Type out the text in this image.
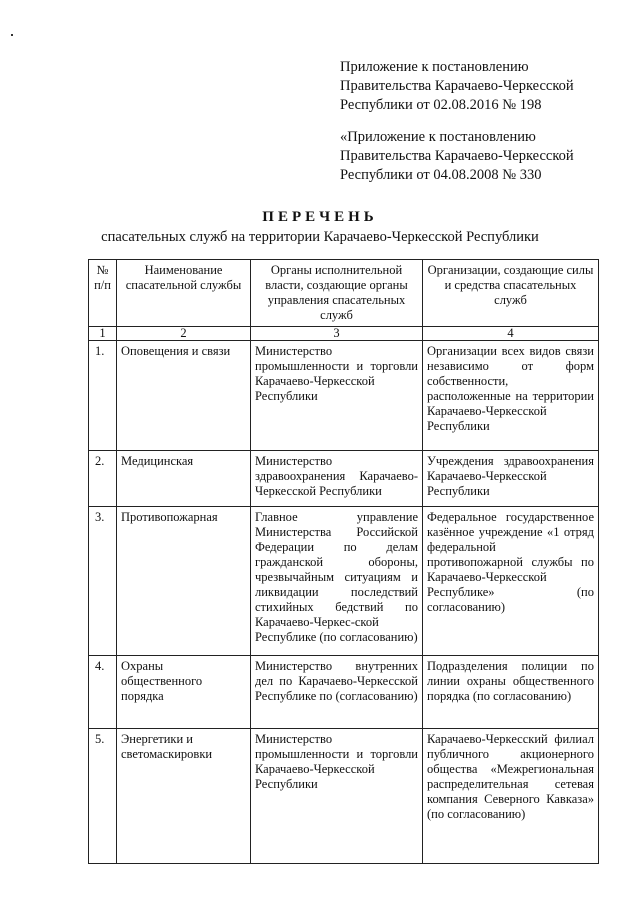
Приложение к постановлению
Правительства Карачаево-Черкесской
Республики от 02.08.2016 № 198
«Приложение к постановлению
Правительства Карачаево-Черкесской
Республики от 04.08.2008 № 330
ПЕРЕЧЕНЬ
спасательных служб на территории Карачаево-Черкесской Республики
№ п/п	Наименование спасательной службы	Органы исполнительной власти, создающие органы управления спасательных служб	Организации, создающие силы и средства спасательных служб
1	2	3	4
1.	Оповещения и связи	Министерство промышленности и торговли Карачаево-Черкесской Республики	Организации всех видов связи независимо от форм собственности, расположенные на территории Карачаево-Черкесской Республики
2.	Медицинская	Министерство здравоохранения Карачаево-Черкесской Республики	Учреждения здравоохранения Карачаево-Черкесской Республики
3.	Противопожарная	Главное управление Министерства Российской Федерации по делам гражданской обороны, чрезвычайным ситуациям и ликвидации последствий стихийных бедствий по Карачаево-Черкес-ской Республике (по согласованию)	Федеральное государственное казённое учреждение «1 отряд федеральной противопожарной службы по Карачаево-Черкесской Республике» (по согласованию)
4.	Охраны общественного порядка	Министерство внутренних дел по Карачаево-Черкесской Республике по (согласованию)	Подразделения полиции по линии охраны общественного порядка (по согласованию)
5.	Энергетики и светомаскировки	Министерство промышленности и торговли Карачаево-Черкесской Республики	Карачаево-Черкесский филиал публичного акционерного общества «Межрегиональная распределительная сетевая компания Северного Кавказа» (по согласованию)
